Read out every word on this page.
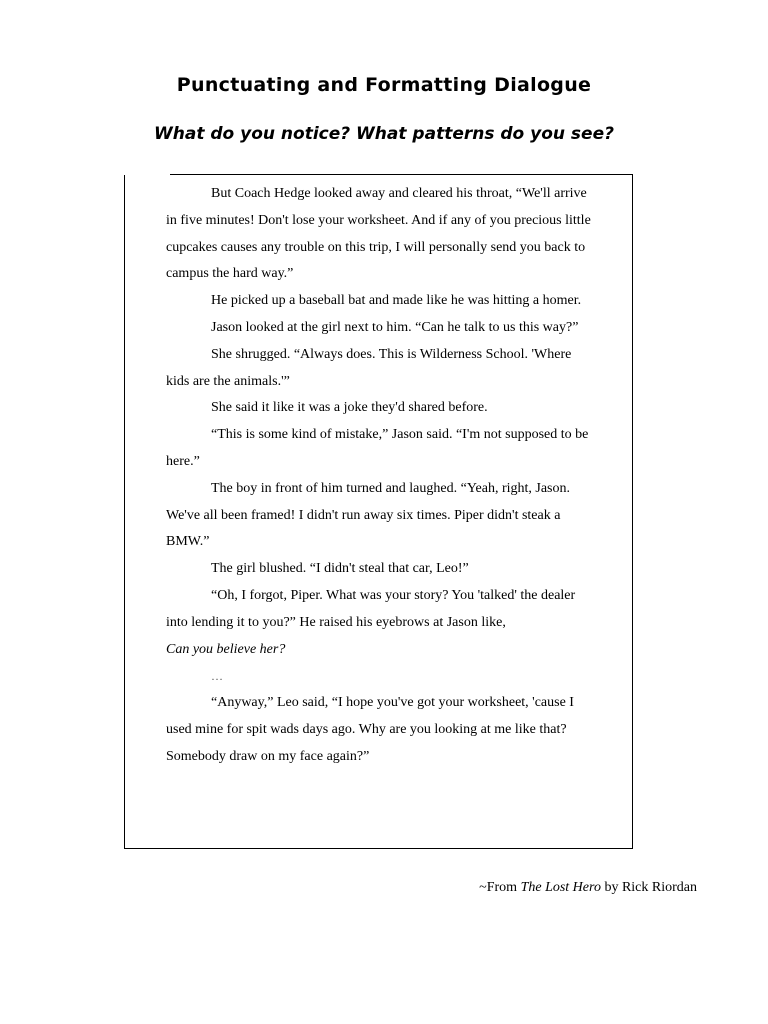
Punctuating and Formatting Dialogue
What do you notice? What patterns do you see?

But Coach Hedge looked away and cleared his throat, “We'll arrive in five minutes! Don't lose your worksheet. And if any of you precious little cupcakes causes any trouble on this trip, I will personally send you back to campus the hard way.”

He picked up a baseball bat and made like he was hitting a homer.

Jason looked at the girl next to him. “Can he talk to us this way?”

She shrugged. “Always does. This is Wilderness School. 'Where kids are the animals.'”

She said it like it was a joke they'd shared before.

“This is some kind of mistake,” Jason said. “I'm not supposed to be here.”

The boy in front of him turned and laughed. “Yeah, right, Jason. We've all been framed! I didn't run away six times. Piper didn't steak a BMW.”

The girl blushed. “I didn't steal that car, Leo!”

“Oh, I forgot, Piper. What was your story? You 'talked' the dealer into lending it to you?” He raised his eyebrows at Jason like,

Can you believe her?

…

“Anyway,” Leo said, “I hope you've got your worksheet, 'cause I used mine for spit wads days ago. Why are you looking at me like that? Somebody draw on my face again?”

~From The Lost Hero by Rick Riordan
